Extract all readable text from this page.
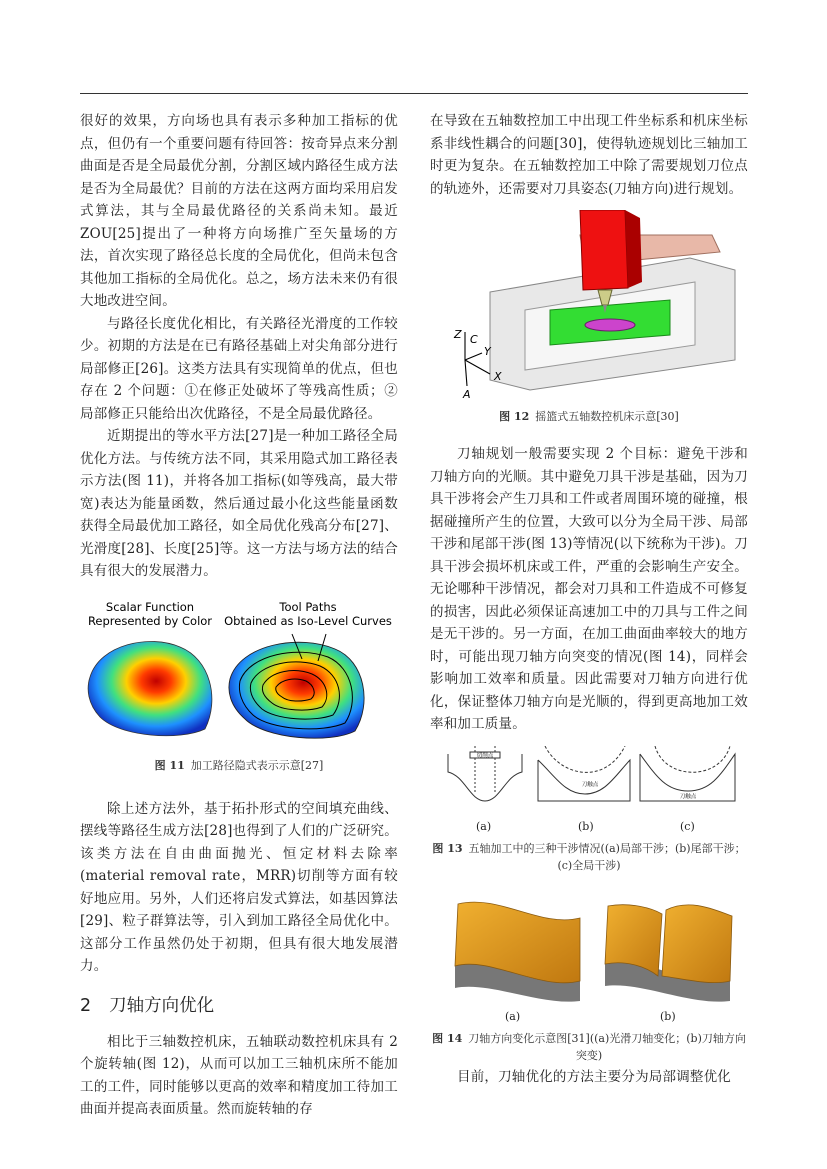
很好的效果，方向场也具有表示多种加工指标的优点，但仍有一个重要问题有待回答：按奇异点来分割曲面是否是全局最优分割，分割区域内路径生成方法是否为全局最优？目前的方法在这两方面均采用启发式算法，其与全局最优路径的关系尚未知。最近 ZOU[25]提出了一种将方向场推广至矢量场的方法，首次实现了路径总长度的全局优化，但尚未包含其他加工指标的全局优化。总之，场方法未来仍有很大地改进空间。

与路径长度优化相比，有关路径光滑度的工作较少。初期的方法是在已有路径基础上对尖角部分进行局部修正[26]。这类方法具有实现简单的优点，但也存在 2 个问题：①在修正处破坏了等残高性质；②局部修正只能给出次优路径，不是全局最优路径。

近期提出的等水平方法[27]是一种加工路径全局优化方法。与传统方法不同，其采用隐式加工路径表示方法(图 11)，并将各加工指标(如等残高，最大带宽)表达为能量函数，然后通过最小化这些能量函数获得全局最优加工路径，如全局优化残高分布[27]、光滑度[28]、长度[25]等。这一方法与场方法的结合具有很大的发展潜力。

Scalar Function
Represented by Color
Tool Paths
Obtained as Iso-Level Curves

图 11 加工路径隐式表示示意[27]

除上述方法外，基于拓扑形式的空间填充曲线、摆线等路径生成方法[28]也得到了人们的广泛研究。该类方法在自由曲面抛光、恒定材料去除率(material removal rate，MRR)切削等方面有较好地应用。另外，人们还将启发式算法，如基因算法[29]、粒子群算法等，引入到加工路径全局优化中。这部分工作虽然仍处于初期，但具有很大地发展潜力。

2 刀轴方向优化

相比于三轴数控机床，五轴联动数控机床具有 2 个旋转轴(图 12)，从而可以加工三轴机床所不能加工的工件，同时能够以更高的效率和精度加工待加工曲面并提高表面质量。然而旋转轴的存

在导致在五轴数控加工中出现工件坐标系和机床坐标系非线性耦合的问题[30]，使得轨迹规划比三轴加工时更为复杂。在五轴数控加工中除了需要规划刀位点的轨迹外，还需要对刀具姿态(刀轴方向)进行规划。

Z C
Y
X
A

图 12 摇篮式五轴数控机床示意[30]

刀轴规划一般需要实现 2 个目标：避免干涉和刀轴方向的光顺。其中避免刀具干涉是基础，因为刀具干涉将会产生刀具和工件或者周围环境的碰撞，根据碰撞所产生的位置，大致可以分为全局干涉、局部干涉和尾部干涉(图 13)等情况(以下统称为干涉)。刀具干涉会损坏机床或工件，严重的会影响生产安全。无论哪种干涉情况，都会对刀具和工件造成不可修复的损害，因此必须保证高速加工中的刀具与工件之间是无干涉的。另一方面，在加工曲面曲率较大的地方时，可能出现刀轴方向突变的情况(图 14)，同样会影响加工效率和质量。因此需要对刀轴方向进行优化，保证整体刀轴方向是光顺的，得到更高地加工效率和加工质量。

切削点
刀触点
刀触点
(a)	(b)	(c)

图 13 五轴加工中的三种干涉情况((a)局部干涉；(b)尾部干涉；(c)全局干涉)

(a)	(b)

图 14 刀轴方向变化示意图[31]((a)光滑刀轴变化；(b)刀轴方向突变)

目前，刀轴优化的方法主要分为局部调整优化
